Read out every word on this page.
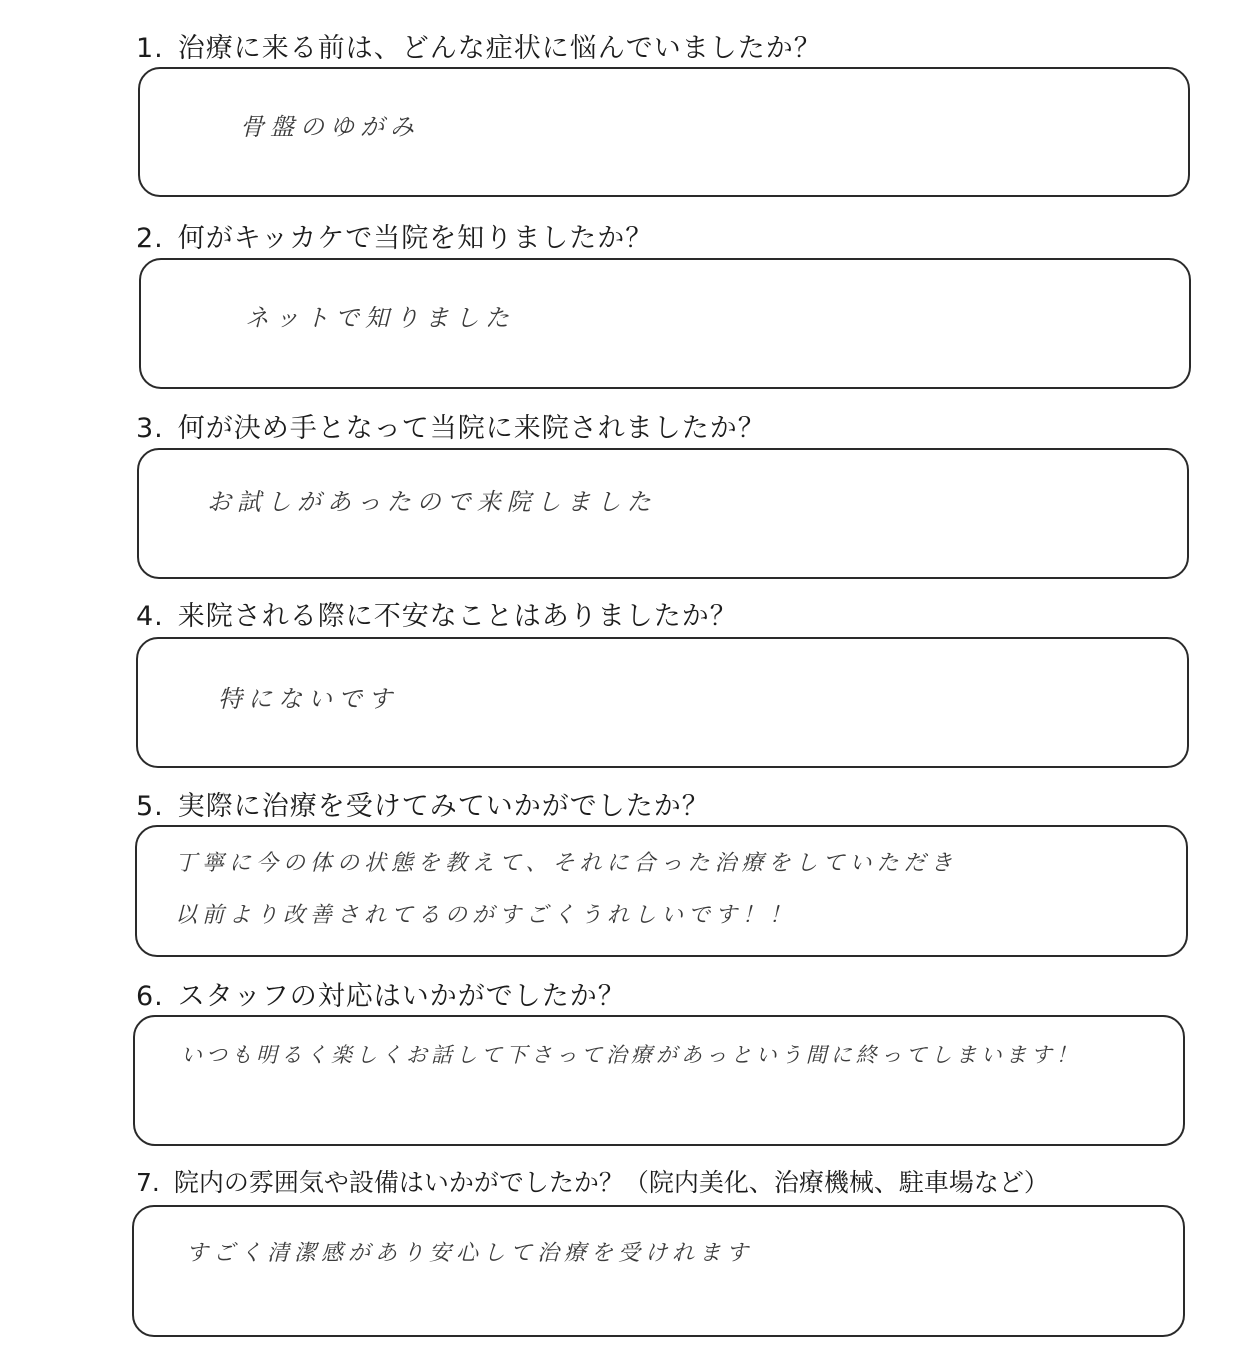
1. 治療に来る前は、どんな症状に悩んでいましたか？
骨盤のゆがみ
2. 何がキッカケで当院を知りましたか？
ネットで知りました
3. 何が決め手となって当院に来院されましたか？
お試しがあったので来院しました
4. 来院される際に不安なことはありましたか？
特にないです
5. 実際に治療を受けてみていかがでしたか？
丁寧に今の体の状態を教えて、それに合った治療をしていただき
以前より改善されてるのがすごくうれしいです！！
6. スタッフの対応はいかがでしたか？
いつも明るく楽しくお話して下さって治療があっという間に終ってしまいます！
7. 院内の雰囲気や設備はいかがでしたか？（院内美化、治療機械、駐車場など）
すごく清潔感があり安心して治療を受けれます
